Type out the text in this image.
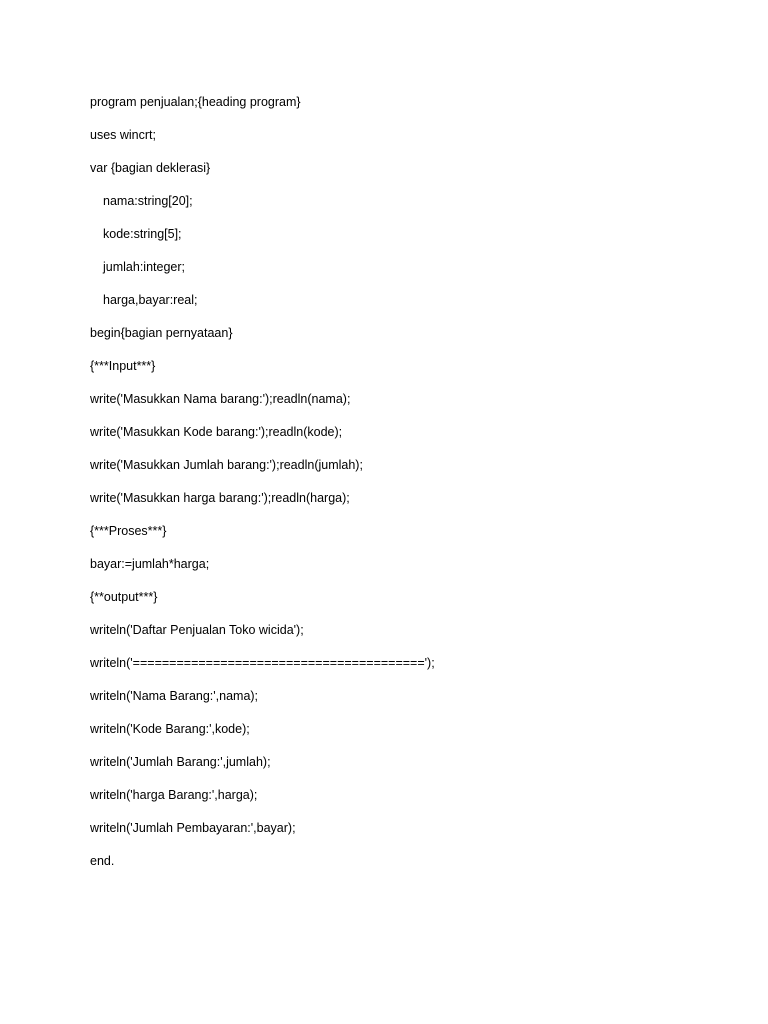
program penjualan;{heading program}
uses wincrt;
var {bagian deklerasi}
nama:string[20];
kode:string[5];
jumlah:integer;
harga,bayar:real;
begin{bagian pernyataan}
{***Input***}
write('Masukkan Nama barang:');readln(nama);
write('Masukkan Kode barang:');readln(kode);
write('Masukkan Jumlah barang:');readln(jumlah);
write('Masukkan harga barang:');readln(harga);
{***Proses***}
bayar:=jumlah*harga;
{**output***}
writeln('Daftar Penjualan Toko wicida');
writeln('========================================');
writeln('Nama Barang:',nama);
writeln('Kode Barang:',kode);
writeln('Jumlah Barang:',jumlah);
writeln('harga Barang:',harga);
writeln('Jumlah Pembayaran:',bayar);
end.
